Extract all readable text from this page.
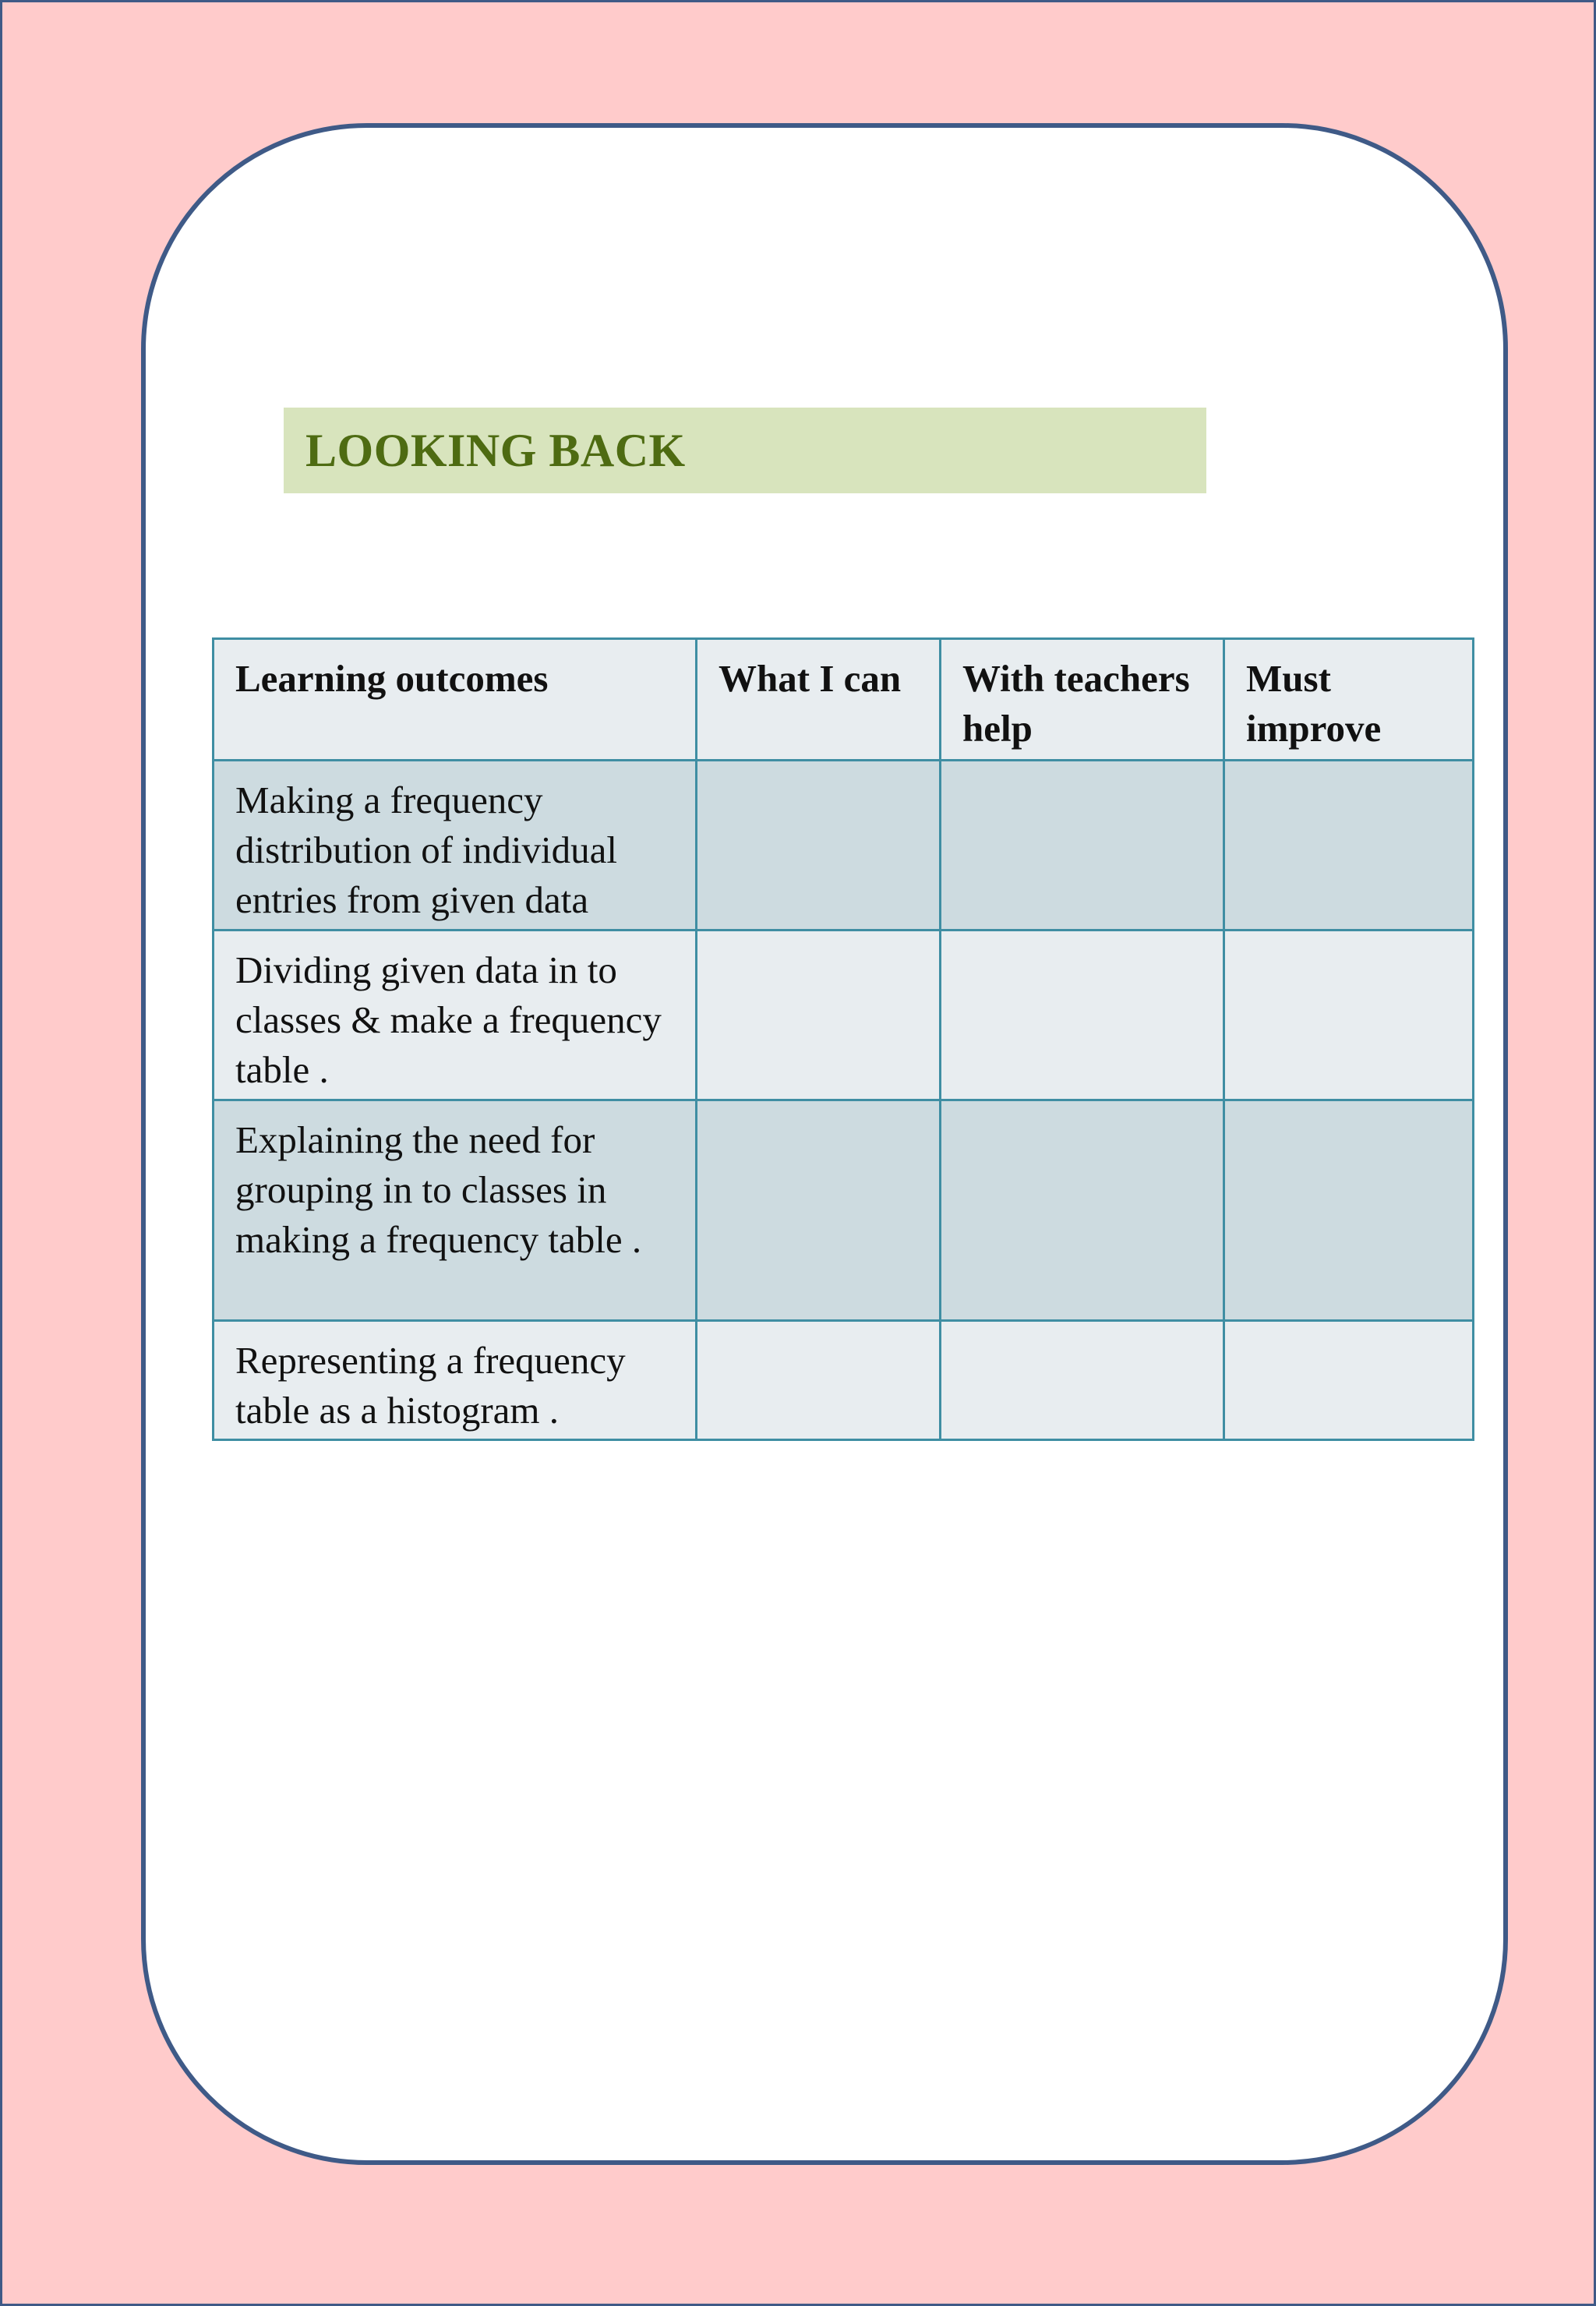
LOOKING BACK
Learning outcomes	What I can	With teachers help	Must improve
Making a frequency distribution of individual entries from given data			
Dividing given data in to classes & make a frequency table .			
Explaining the need for grouping in to classes in making a frequency table .			
Representing a frequency table as a histogram .			
